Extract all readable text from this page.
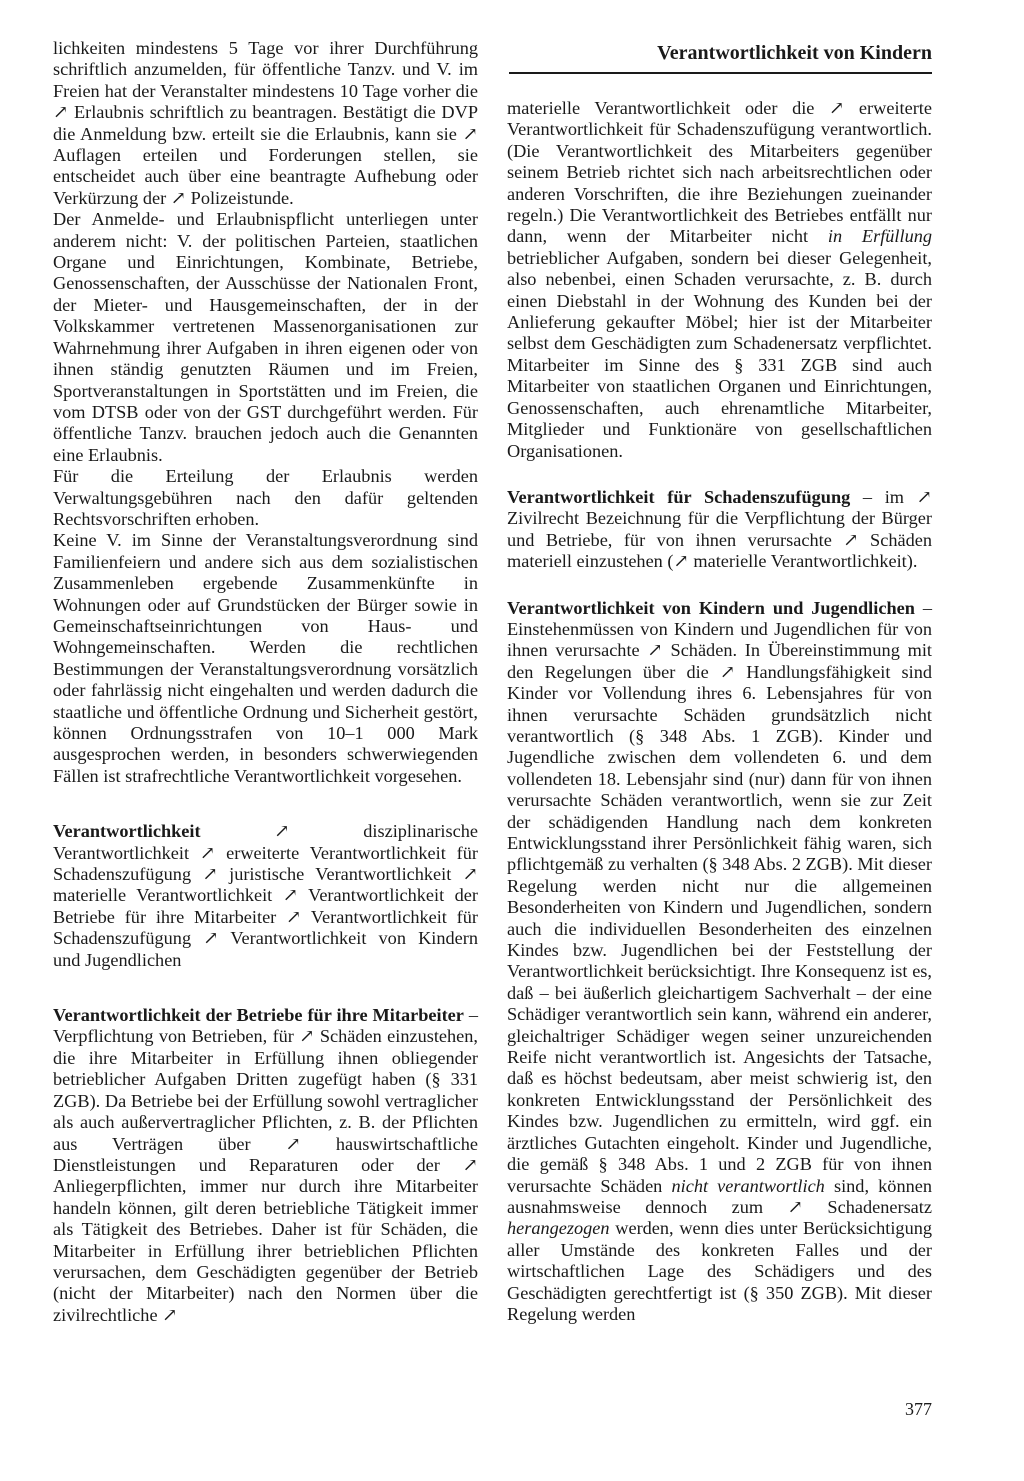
Verantwortlichkeit von Kindern

lichkeiten mindestens 5 Tage vor ihrer Durchführung schriftlich anzumelden, für öffentliche Tanzv. und V. im Freien hat der Veranstalter mindestens 10 Tage vorher die ↗ Erlaubnis schriftlich zu beantragen. Bestätigt die DVP die Anmeldung bzw. erteilt sie die Erlaubnis, kann sie ↗ Auflagen erteilen und Forderungen stellen, sie entscheidet auch über eine beantragte Aufhebung oder Verkürzung der ↗ Polizeistunde.

Der Anmelde- und Erlaubnispflicht unterliegen unter anderem nicht: V. der politischen Parteien, staatlichen Organe und Einrichtungen, Kombinate, Betriebe, Genossenschaften, der Ausschüsse der Nationalen Front, der Mieter- und Hausgemeinschaften, der in der Volkskammer vertretenen Massenorganisationen zur Wahrnehmung ihrer Aufgaben in ihren eigenen oder von ihnen ständig genutzten Räumen und im Freien, Sportveranstaltungen in Sportstätten und im Freien, die vom DTSB oder von der GST durchgeführt werden. Für öffentliche Tanzv. brauchen jedoch auch die Genannten eine Erlaubnis.

Für die Erteilung der Erlaubnis werden Verwaltungsgebühren nach den dafür geltenden Rechtsvorschriften erhoben.

Keine V. im Sinne der Veranstaltungsverordnung sind Familienfeiern und andere sich aus dem sozialistischen Zusammenleben ergebende Zusammenkünfte in Wohnungen oder auf Grundstücken der Bürger sowie in Gemeinschaftseinrichtungen von Haus- und Wohngemeinschaften. Werden die rechtlichen Bestimmungen der Veranstaltungsverordnung vorsätzlich oder fahrlässig nicht eingehalten und werden dadurch die staatliche und öffentliche Ordnung und Sicherheit gestört, können Ordnungsstrafen von 10–1 000 Mark ausgesprochen werden, in besonders schwerwiegenden Fällen ist strafrechtliche Verantwortlichkeit vorgesehen.

Verantwortlichkeit ↗ disziplinarische Verantwortlichkeit ↗ erweiterte Verantwortlichkeit für Schadenszufügung ↗ juristische Verantwortlichkeit ↗ materielle Verantwortlichkeit ↗ Verantwortlichkeit der Betriebe für ihre Mitarbeiter ↗ Verantwortlichkeit für Schadenszufügung ↗ Verantwortlichkeit von Kindern und Jugendlichen

Verantwortlichkeit der Betriebe für ihre Mitarbeiter – Verpflichtung von Betrieben, für ↗ Schäden einzustehen, die ihre Mitarbeiter in Erfüllung ihnen obliegender betrieblicher Aufgaben Dritten zugefügt haben (§ 331 ZGB). Da Betriebe bei der Erfüllung sowohl vertraglicher als auch außervertraglicher Pflichten, z. B. der Pflichten aus Verträgen über ↗ hauswirtschaftliche Dienstleistungen und Reparaturen oder der ↗ Anliegerpflichten, immer nur durch ihre Mitarbeiter handeln können, gilt deren betriebliche Tätigkeit immer als Tätigkeit des Betriebes. Daher ist für Schäden, die Mitarbeiter in Erfüllung ihrer betrieblichen Pflichten verursachen, dem Geschädigten gegenüber der Betrieb (nicht der Mitarbeiter) nach den Normen über die zivilrechtliche ↗

materielle Verantwortlichkeit oder die ↗ erweiterte Verantwortlichkeit für Schadenszufügung verantwortlich. (Die Verantwortlichkeit des Mitarbeiters gegenüber seinem Betrieb richtet sich nach arbeitsrechtlichen oder anderen Vorschriften, die ihre Beziehungen zueinander regeln.) Die Verantwortlichkeit des Betriebes entfällt nur dann, wenn der Mitarbeiter nicht in Erfüllung betrieblicher Aufgaben, sondern bei dieser Gelegenheit, also nebenbei, einen Schaden verursachte, z. B. durch einen Diebstahl in der Wohnung des Kunden bei der Anlieferung gekaufter Möbel; hier ist der Mitarbeiter selbst dem Geschädigten zum Schadenersatz verpflichtet. Mitarbeiter im Sinne des § 331 ZGB sind auch Mitarbeiter von staatlichen Organen und Einrichtungen, Genossenschaften, auch ehrenamtliche Mitarbeiter, Mitglieder und Funktionäre von gesellschaftlichen Organisationen.

Verantwortlichkeit für Schadenszufügung – im ↗ Zivilrecht Bezeichnung für die Verpflichtung der Bürger und Betriebe, für von ihnen verursachte ↗ Schäden materiell einzustehen (↗ materielle Verantwortlichkeit).

Verantwortlichkeit von Kindern und Jugendlichen – Einstehenmüssen von Kindern und Jugendlichen für von ihnen verursachte ↗ Schäden. In Übereinstimmung mit den Regelungen über die ↗ Handlungsfähigkeit sind Kinder vor Vollendung ihres 6. Lebensjahres für von ihnen verursachte Schäden grundsätzlich nicht verantwortlich (§ 348 Abs. 1 ZGB). Kinder und Jugendliche zwischen dem vollendeten 6. und dem vollendeten 18. Lebensjahr sind (nur) dann für von ihnen verursachte Schäden verantwortlich, wenn sie zur Zeit der schädigenden Handlung nach dem konkreten Entwicklungsstand ihrer Persönlichkeit fähig waren, sich pflichtgemäß zu verhalten (§ 348 Abs. 2 ZGB). Mit dieser Regelung werden nicht nur die allgemeinen Besonderheiten von Kindern und Jugendlichen, sondern auch die individuellen Besonderheiten des einzelnen Kindes bzw. Jugendlichen bei der Feststellung der Verantwortlichkeit berücksichtigt. Ihre Konsequenz ist es, daß – bei äußerlich gleichartigem Sachverhalt – der eine Schädiger verantwortlich sein kann, während ein anderer, gleichaltriger Schädiger wegen seiner unzureichenden Reife nicht verantwortlich ist. Angesichts der Tatsache, daß es höchst bedeutsam, aber meist schwierig ist, den konkreten Entwicklungsstand der Persönlichkeit des Kindes bzw. Jugendlichen zu ermitteln, wird ggf. ein ärztliches Gutachten eingeholt. Kinder und Jugendliche, die gemäß § 348 Abs. 1 und 2 ZGB für von ihnen verursachte Schäden nicht verantwortlich sind, können ausnahmsweise dennoch zum ↗ Schadenersatz herangezogen werden, wenn dies unter Berücksichtigung aller Umstände des konkreten Falles und der wirtschaftlichen Lage des Schädigers und des Geschädigten gerechtfertigt ist (§ 350 ZGB). Mit dieser Regelung werden

377
